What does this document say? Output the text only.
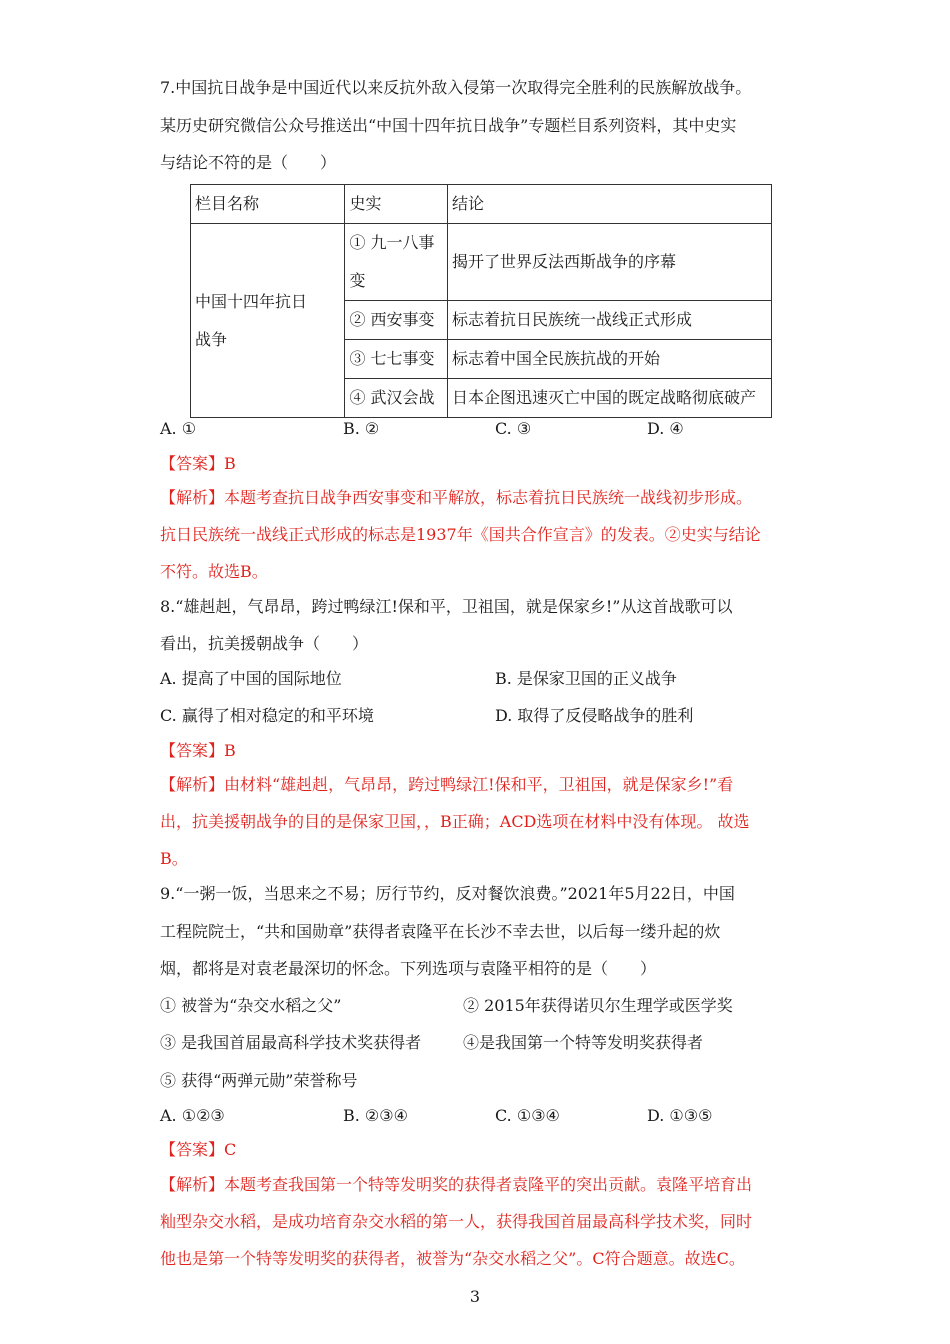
7.中国抗日战争是中国近代以来反抗外敌入侵第一次取得完全胜利的民族解放战争。
某历史研究微信公众号推送出“中国十四年抗日战争”专题栏目系列资料，其中史实
与结论不符的是（　　）
栏目名称	史实	结论
中国十四年抗日战争	① 九一八事变	揭开了世界反法西斯战争的序幕
	② 西安事变	标志着抗日民族统一战线正式形成
	③ 七七事变	标志着中国全民族抗战的开始
	④ 武汉会战	日本企图迅速灭亡中国的既定战略彻底破产
A. ①	B. ②	C. ③	D. ④
【答案】B
【解析】本题考查抗日战争西安事变和平解放，标志着抗日民族统一战线初步形成。
抗日民族统一战线正式形成的标志是1937年《国共合作宣言》的发表。②史实与结论
不符。故选B。
8.“雄赳赳，气昂昂，跨过鸭绿江!保和平，卫祖国，就是保家乡!”从这首战歌可以
看出，抗美援朝战争（　　）
A. 提高了中国的国际地位	B. 是保家卫国的正义战争
C. 赢得了相对稳定的和平环境	D. 取得了反侵略战争的胜利
【答案】B
【解析】由材料“雄赳赳，气昂昂，跨过鸭绿江!保和平，卫祖国，就是保家乡!”看
出，抗美援朝战争的目的是保家卫国，，B正确；ACD选项在材料中没有体现。 故选
B。
9.“一粥一饭，当思来之不易；厉行节约，反对餐饮浪费。”2021年5月22日，中国
工程院院士，“共和国勋章”获得者袁隆平在长沙不幸去世，以后每一缕升起的炊
烟，都将是对袁老最深切的怀念。下列选项与袁隆平相符的是（　　）
① 被誉为“杂交水稻之父”	② 2015年获得诺贝尔生理学或医学奖
③ 是我国首届最高科学技术奖获得者	④是我国第一个特等发明奖获得者
⑤ 获得“两弹元勋”荣誉称号
A. ①②③	B. ②③④	C. ①③④	D. ①③⑤
【答案】C
【解析】本题考查我国第一个特等发明奖的获得者袁隆平的突出贡献。袁隆平培育出
籼型杂交水稻，是成功培育杂交水稻的第一人，获得我国首届最高科学技术奖，同时
他也是第一个特等发明奖的获得者，被誉为“杂交水稻之父”。C符合题意。故选C。
3
